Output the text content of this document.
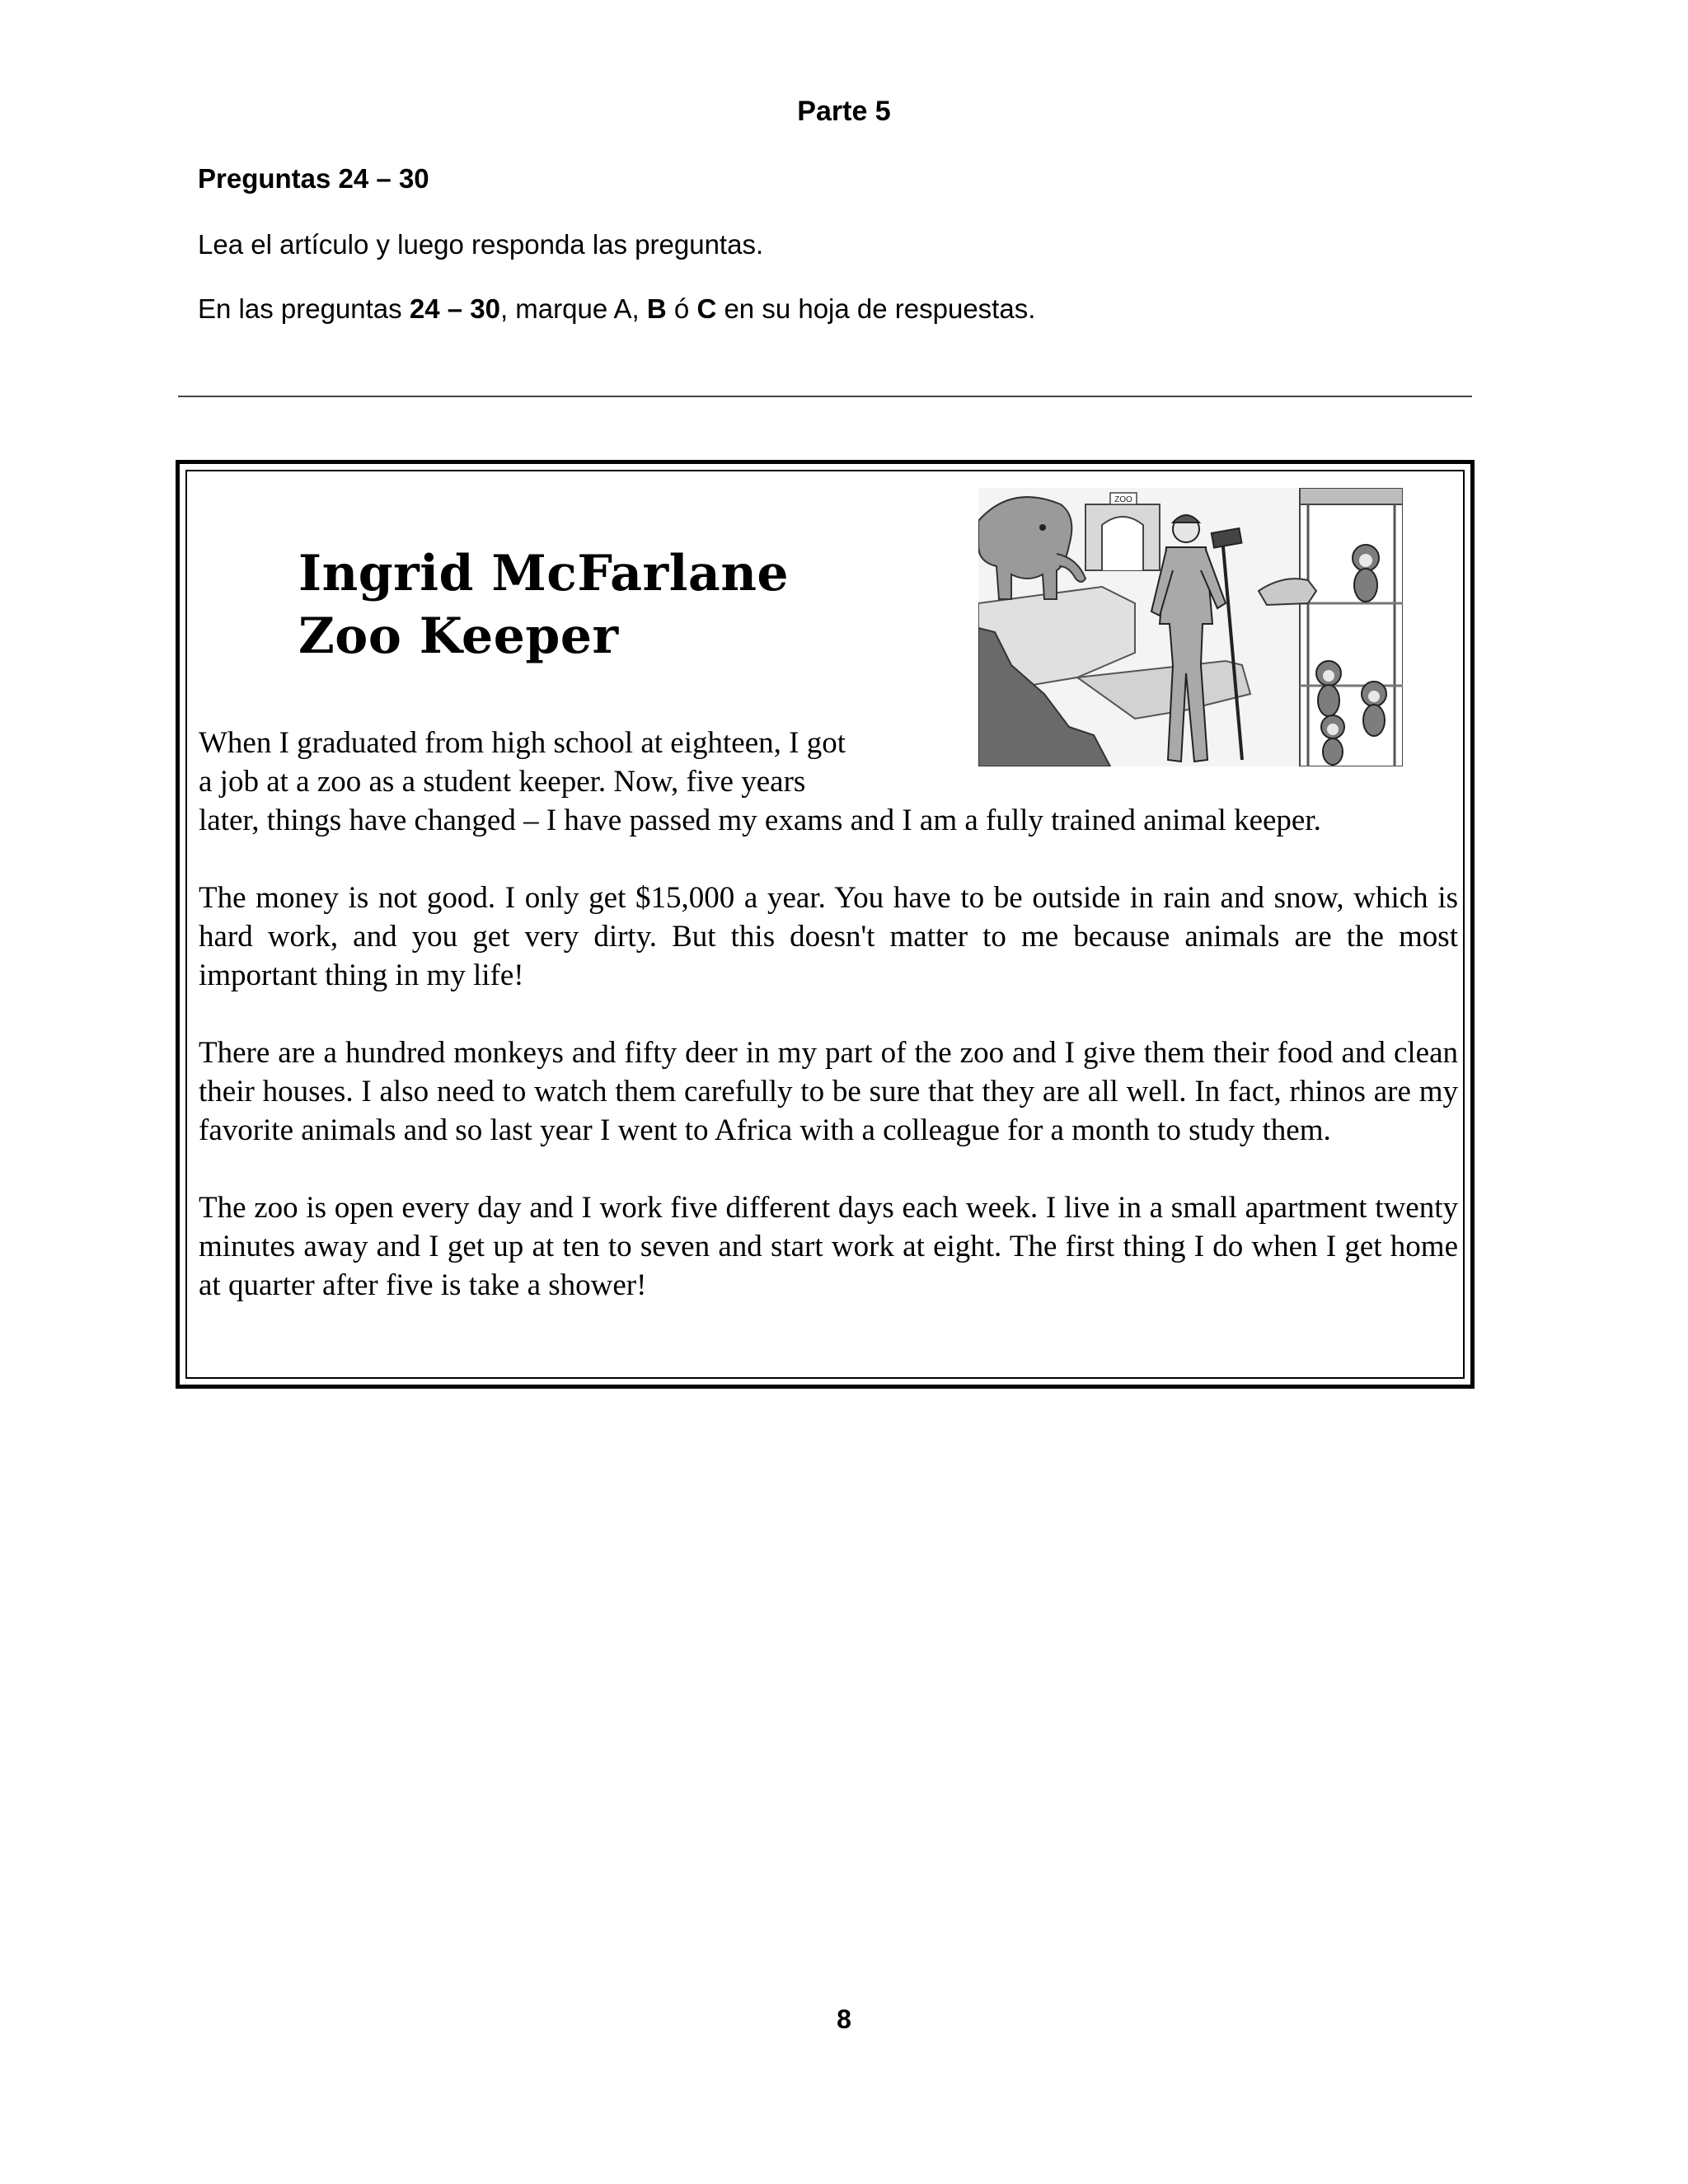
Parte 5
Preguntas 24 – 30
Lea el artículo y luego responda las preguntas.
En las preguntas 24 – 30, marque A, B ó C en su hoja de respuestas.
Ingrid McFarlane
Zoo Keeper
ZOO

When I graduated from high school at eighteen, I got
a job at a zoo as a student keeper. Now, five years
later, things have changed – I have passed my exams and I am a fully trained animal keeper.

The money is not good. I only get $15,000 a year. You have to be outside in rain and snow, which is hard work, and you get very dirty. But this doesn't matter to me because animals are the most important thing in my life!

There are a hundred monkeys and fifty deer in my part of the zoo and I give them their food and clean their houses. I also need to watch them carefully to be sure that they are all well. In fact, rhinos are my favorite animals and so last year I went to Africa with a colleague for a month to study them.

The zoo is open every day and I work five different days each week. I live in a small apartment twenty minutes away and I get up at ten to seven and start work at eight. The first thing I do when I get home at quarter after five is take a shower!

8
